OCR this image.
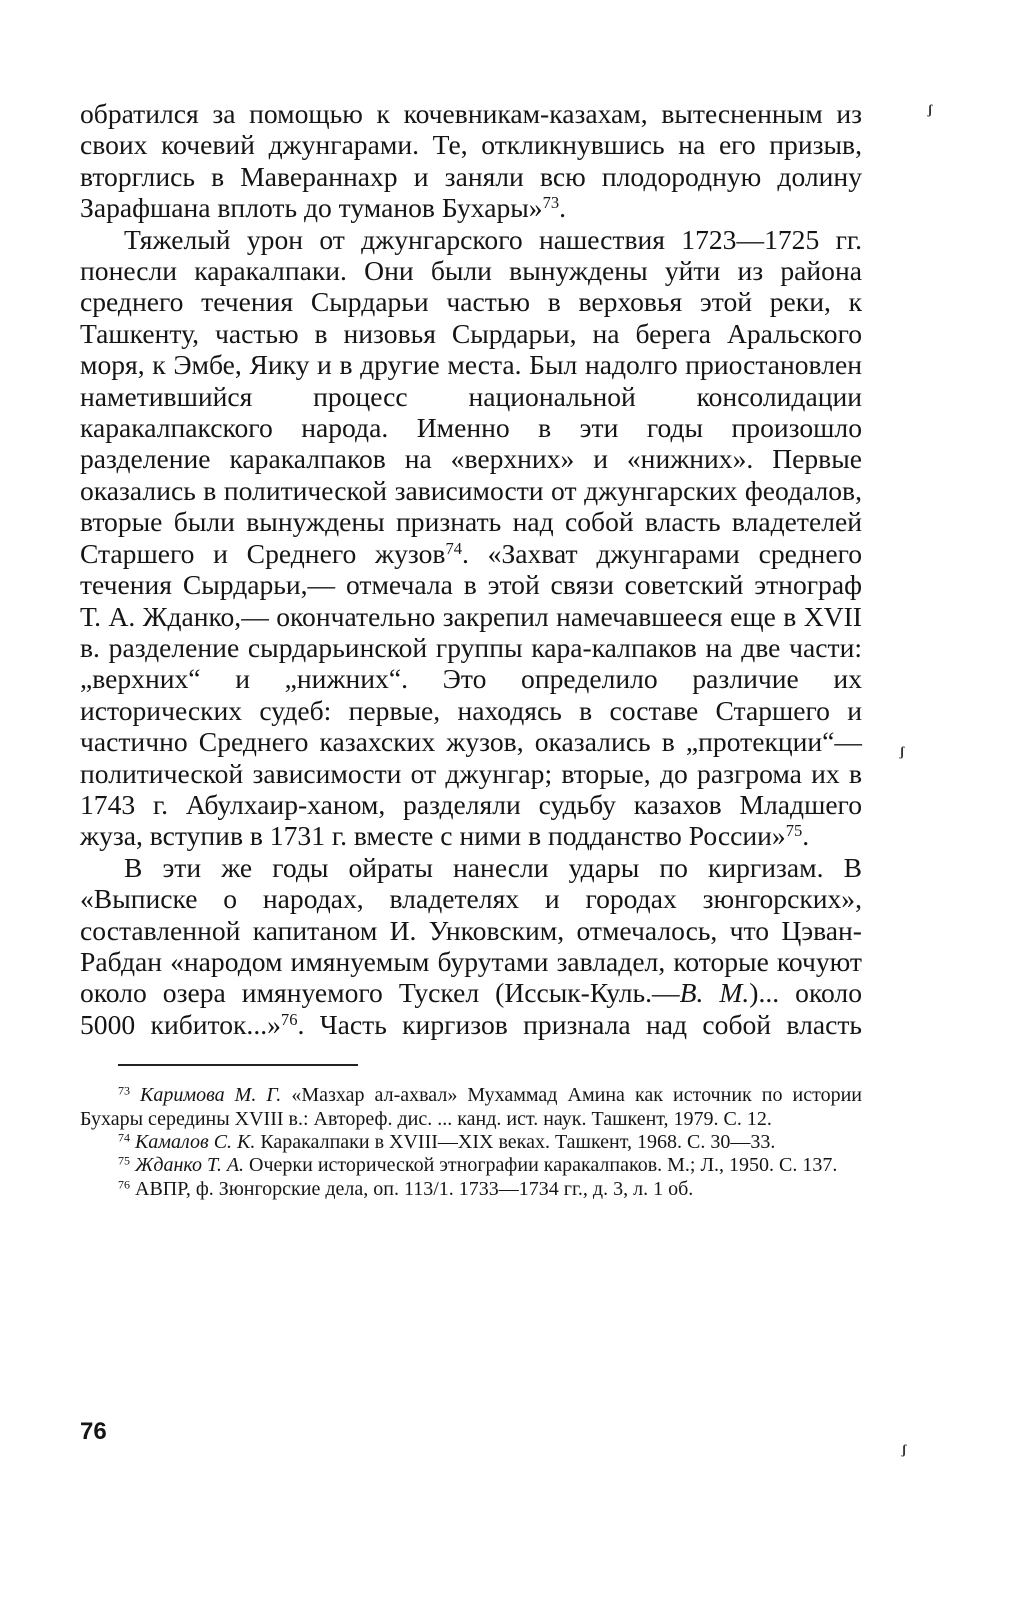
обратился за помощью к кочевникам-казахам, вытесненным из своих кочевий джунгарами. Те, откликнувшись на его призыв, вторглись в Мавераннахр и заняли всю плодородную долину Зарафшана вплоть до туманов Бухары»$^{73}$.

Тяжелый урон от джунгарского нашествия 1723—1725 гг. понесли каракалпаки. Они были вынуждены уйти из района среднего течения Сырдарьи частью в верховья этой реки, к Ташкенту, частью в низовья Сырдарьи, на берега Аральского моря, к Эмбе, Яику и в другие места. Был надолго приостановлен наметившийся процесс национальной консолидации каракалпакского народа. Именно в эти годы произошло разделение каракалпаков на «верхних» и «нижних». Первые оказались в политической зависимости от джунгарских феодалов, вторые были вынуждены признать над собой власть владетелей Старшего и Среднего жузов$^{74}$. «Захват джунгарами среднего течения Сырдарьи,— отмечала в этой связи советский этнограф Т. А. Жданко,— окончательно закрепил намечавшееся еще в XVII в. разделение сырдарьинской группы кара-калпаков на две части: „верхних“ и „нижних“. Это определило различие их исторических судеб: первые, находясь в составе Старшего и частично Среднего казахских жузов, оказались в „протекции“— политической зависимости от джунгар; вторые, до разгрома их в 1743 г. Абулхаир-ханом, разделяли судьбу казахов Младшего жуза, вступив в 1731 г. вместе с ними в подданство России»$^{75}$.

В эти же годы ойраты нанесли удары по киргизам. В «Выписке о народах, владетелях и городах зюнгорских», составленной капитаном И. Унковским, отмечалось, что Цэван-Рабдан «народом имянуемым бурутами завладел, которые кочуют около озера имянуемого Тускел (Иссык-Куль.—В. М.)... около 5000 кибиток...»$^{76}$. Часть киргизов признала над собой власть

$^{73}$ Каримова М. Г. «Мазхар ал-ахвал» Мухаммад Амина как источник по истории Бухары середины XVIII в.: Автореф. дис. ... канд. ист. наук. Ташкент, 1979. С. 12.

$^{74}$ Камалов С. К. Каракалпаки в XVIII—XIX веках. Ташкент, 1968. С. 30—33.

$^{75}$ Жданко Т. А. Очерки исторической этнографии каракалпаков. М.; Л., 1950. С. 137.

$^{76}$ АВПР, ф. Зюнгорские дела, оп. 113/1. 1733—1734 гг., д. 3, л. 1 об.

76
ᶴ
ᶴ
ᶴ
